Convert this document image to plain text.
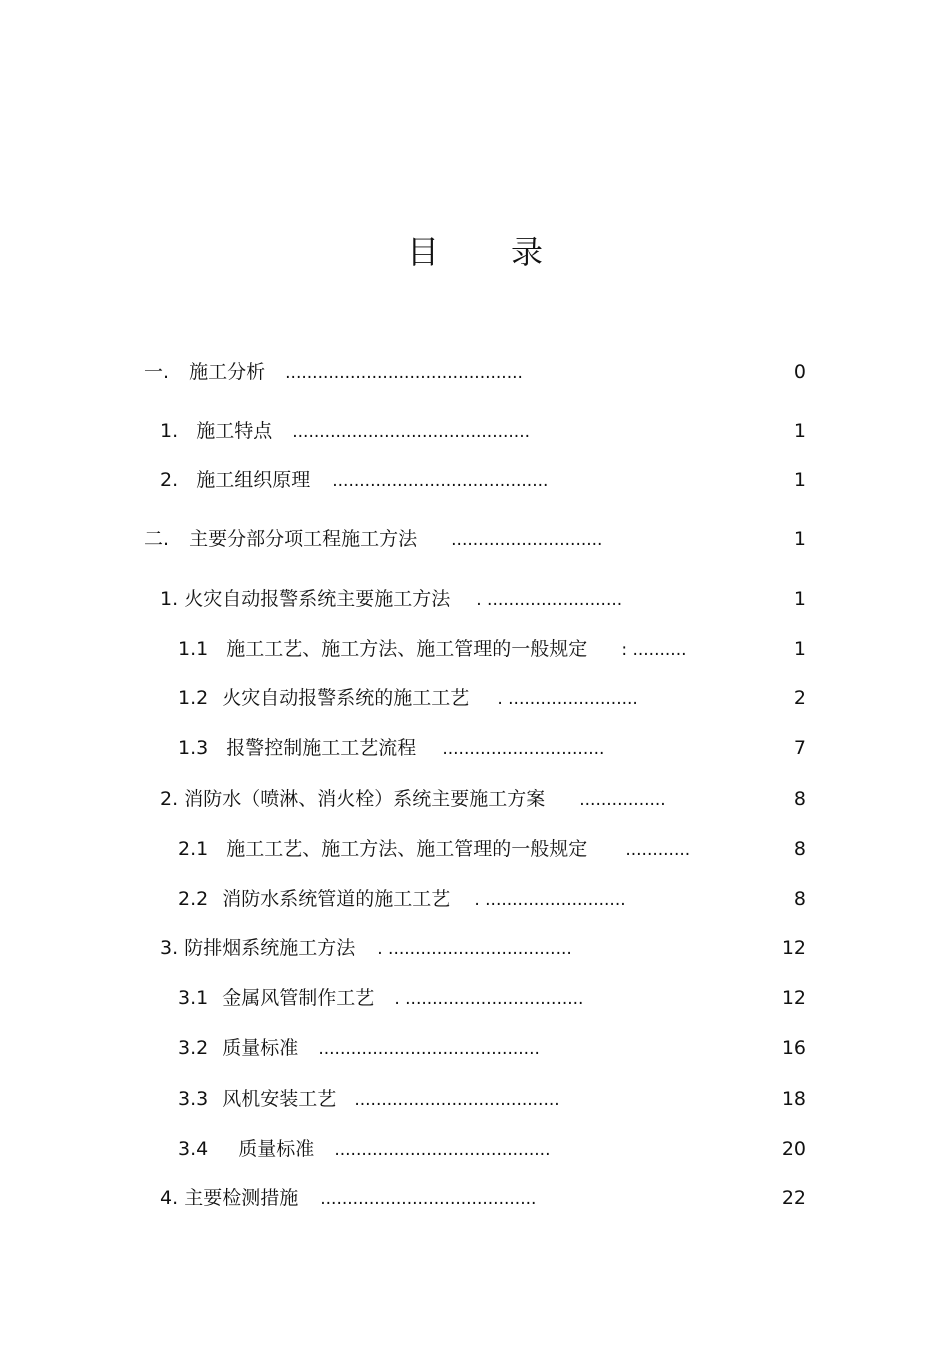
目 录
一. 施工分析 ............................................	0
1. 施工特点 ............................................	1
2. 施工组织原理 ........................................	1
二. 主要分部分项工程施工方法 ............................	1
1. 火灾自动报警系统主要施工方法 . .........................	1
1.1 施工工艺、施工方法、施工管理的一般规定 : ..........	1
1.2 火灾自动报警系统的施工工艺 . ........................	2
1.3 报警控制施工工艺流程 ..............................	7
2. 消防水（喷淋、消火栓）系统主要施工方案 ................	8
2.1 施工工艺、施工方法、施工管理的一般规定 ............	8
2.2 消防水系统管道的施工工艺 . ..........................	8
3. 防排烟系统施工方法 . ..................................	12
3.1 金属风管制作工艺 . .................................	12
3.2 质量标准 .........................................	16
3.3 风机安装工艺 ......................................	18
3.4 质量标准 ........................................	20
4. 主要检测措施 ........................................	22
